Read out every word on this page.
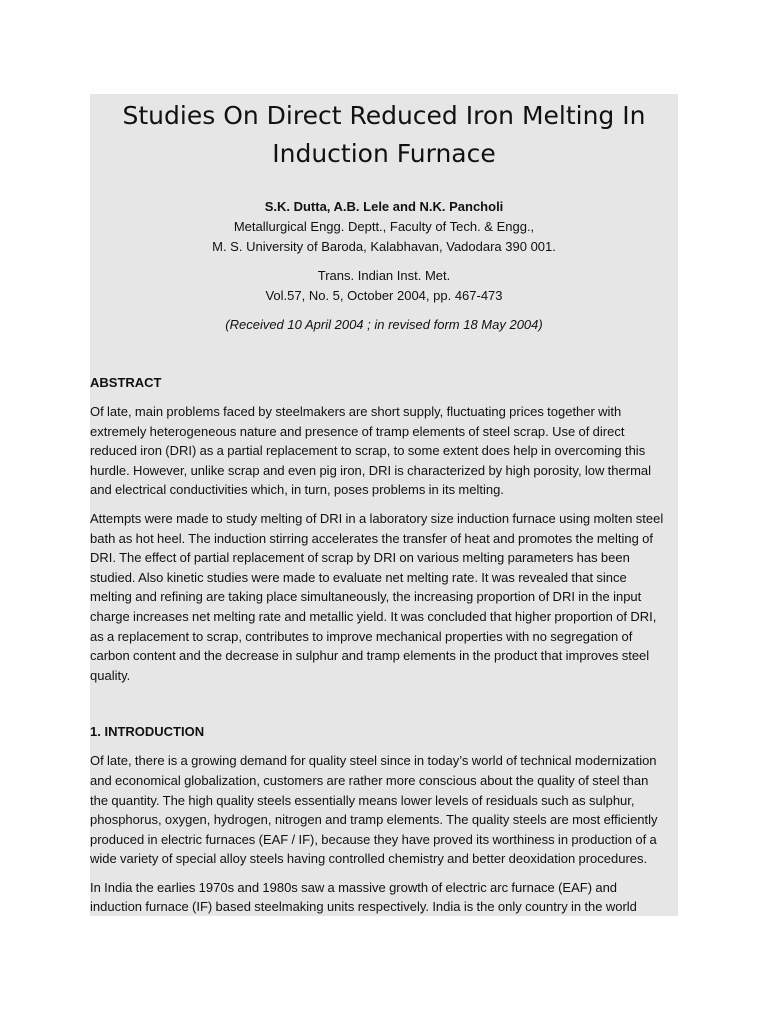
Studies On Direct Reduced Iron Melting In
Induction Furnace
S.K. Dutta, A.B. Lele and N.K. Pancholi
Metallurgical Engg. Deptt., Faculty of Tech. & Engg.,
M. S. University of Baroda, Kalabhavan, Vadodara 390 001.
Trans. Indian Inst. Met.
Vol.57, No. 5, October 2004, pp. 467-473
(Received 10 April 2004 ; in revised form 18 May 2004)
ABSTRACT

Of late, main problems faced by steelmakers are short supply, fluctuating prices together with
extremely heterogeneous nature and presence of tramp elements of steel scrap. Use of direct
reduced iron (DRI) as a partial replacement to scrap, to some extent does help in overcoming this
hurdle. However, unlike scrap and even pig iron, DRI is characterized by high porosity, low thermal
and electrical conductivities which, in turn, poses problems in its melting.

Attempts were made to study melting of DRI in a laboratory size induction furnace using molten steel
bath as hot heel. The induction stirring accelerates the transfer of heat and promotes the melting of
DRI. The effect of partial replacement of scrap by DRI on various melting parameters has been
studied. Also kinetic studies were made to evaluate net melting rate. It was revealed that since
melting and refining are taking place simultaneously, the increasing proportion of DRI in the input
charge increases net melting rate and metallic yield. It was concluded that higher proportion of DRI,
as a replacement to scrap, contributes to improve mechanical properties with no segregation of
carbon content and the decrease in sulphur and tramp elements in the product that improves steel
quality.

1. INTRODUCTION

Of late, there is a growing demand for quality steel since in today’s world of technical modernization
and economical globalization, customers are rather more conscious about the quality of steel than
the quantity. The high quality steels essentially means lower levels of residuals such as sulphur,
phosphorus, oxygen, hydrogen, nitrogen and tramp elements. The quality steels are most efficiently
produced in electric furnaces (EAF / IF), because they have proved its worthiness in production of a
wide variety of special alloy steels having controlled chemistry and better deoxidation procedures.

In India the earlies 1970s and 1980s saw a massive growth of electric arc furnace (EAF) and
induction furnace (IF) based steelmaking units respectively. India is the only country in the world
